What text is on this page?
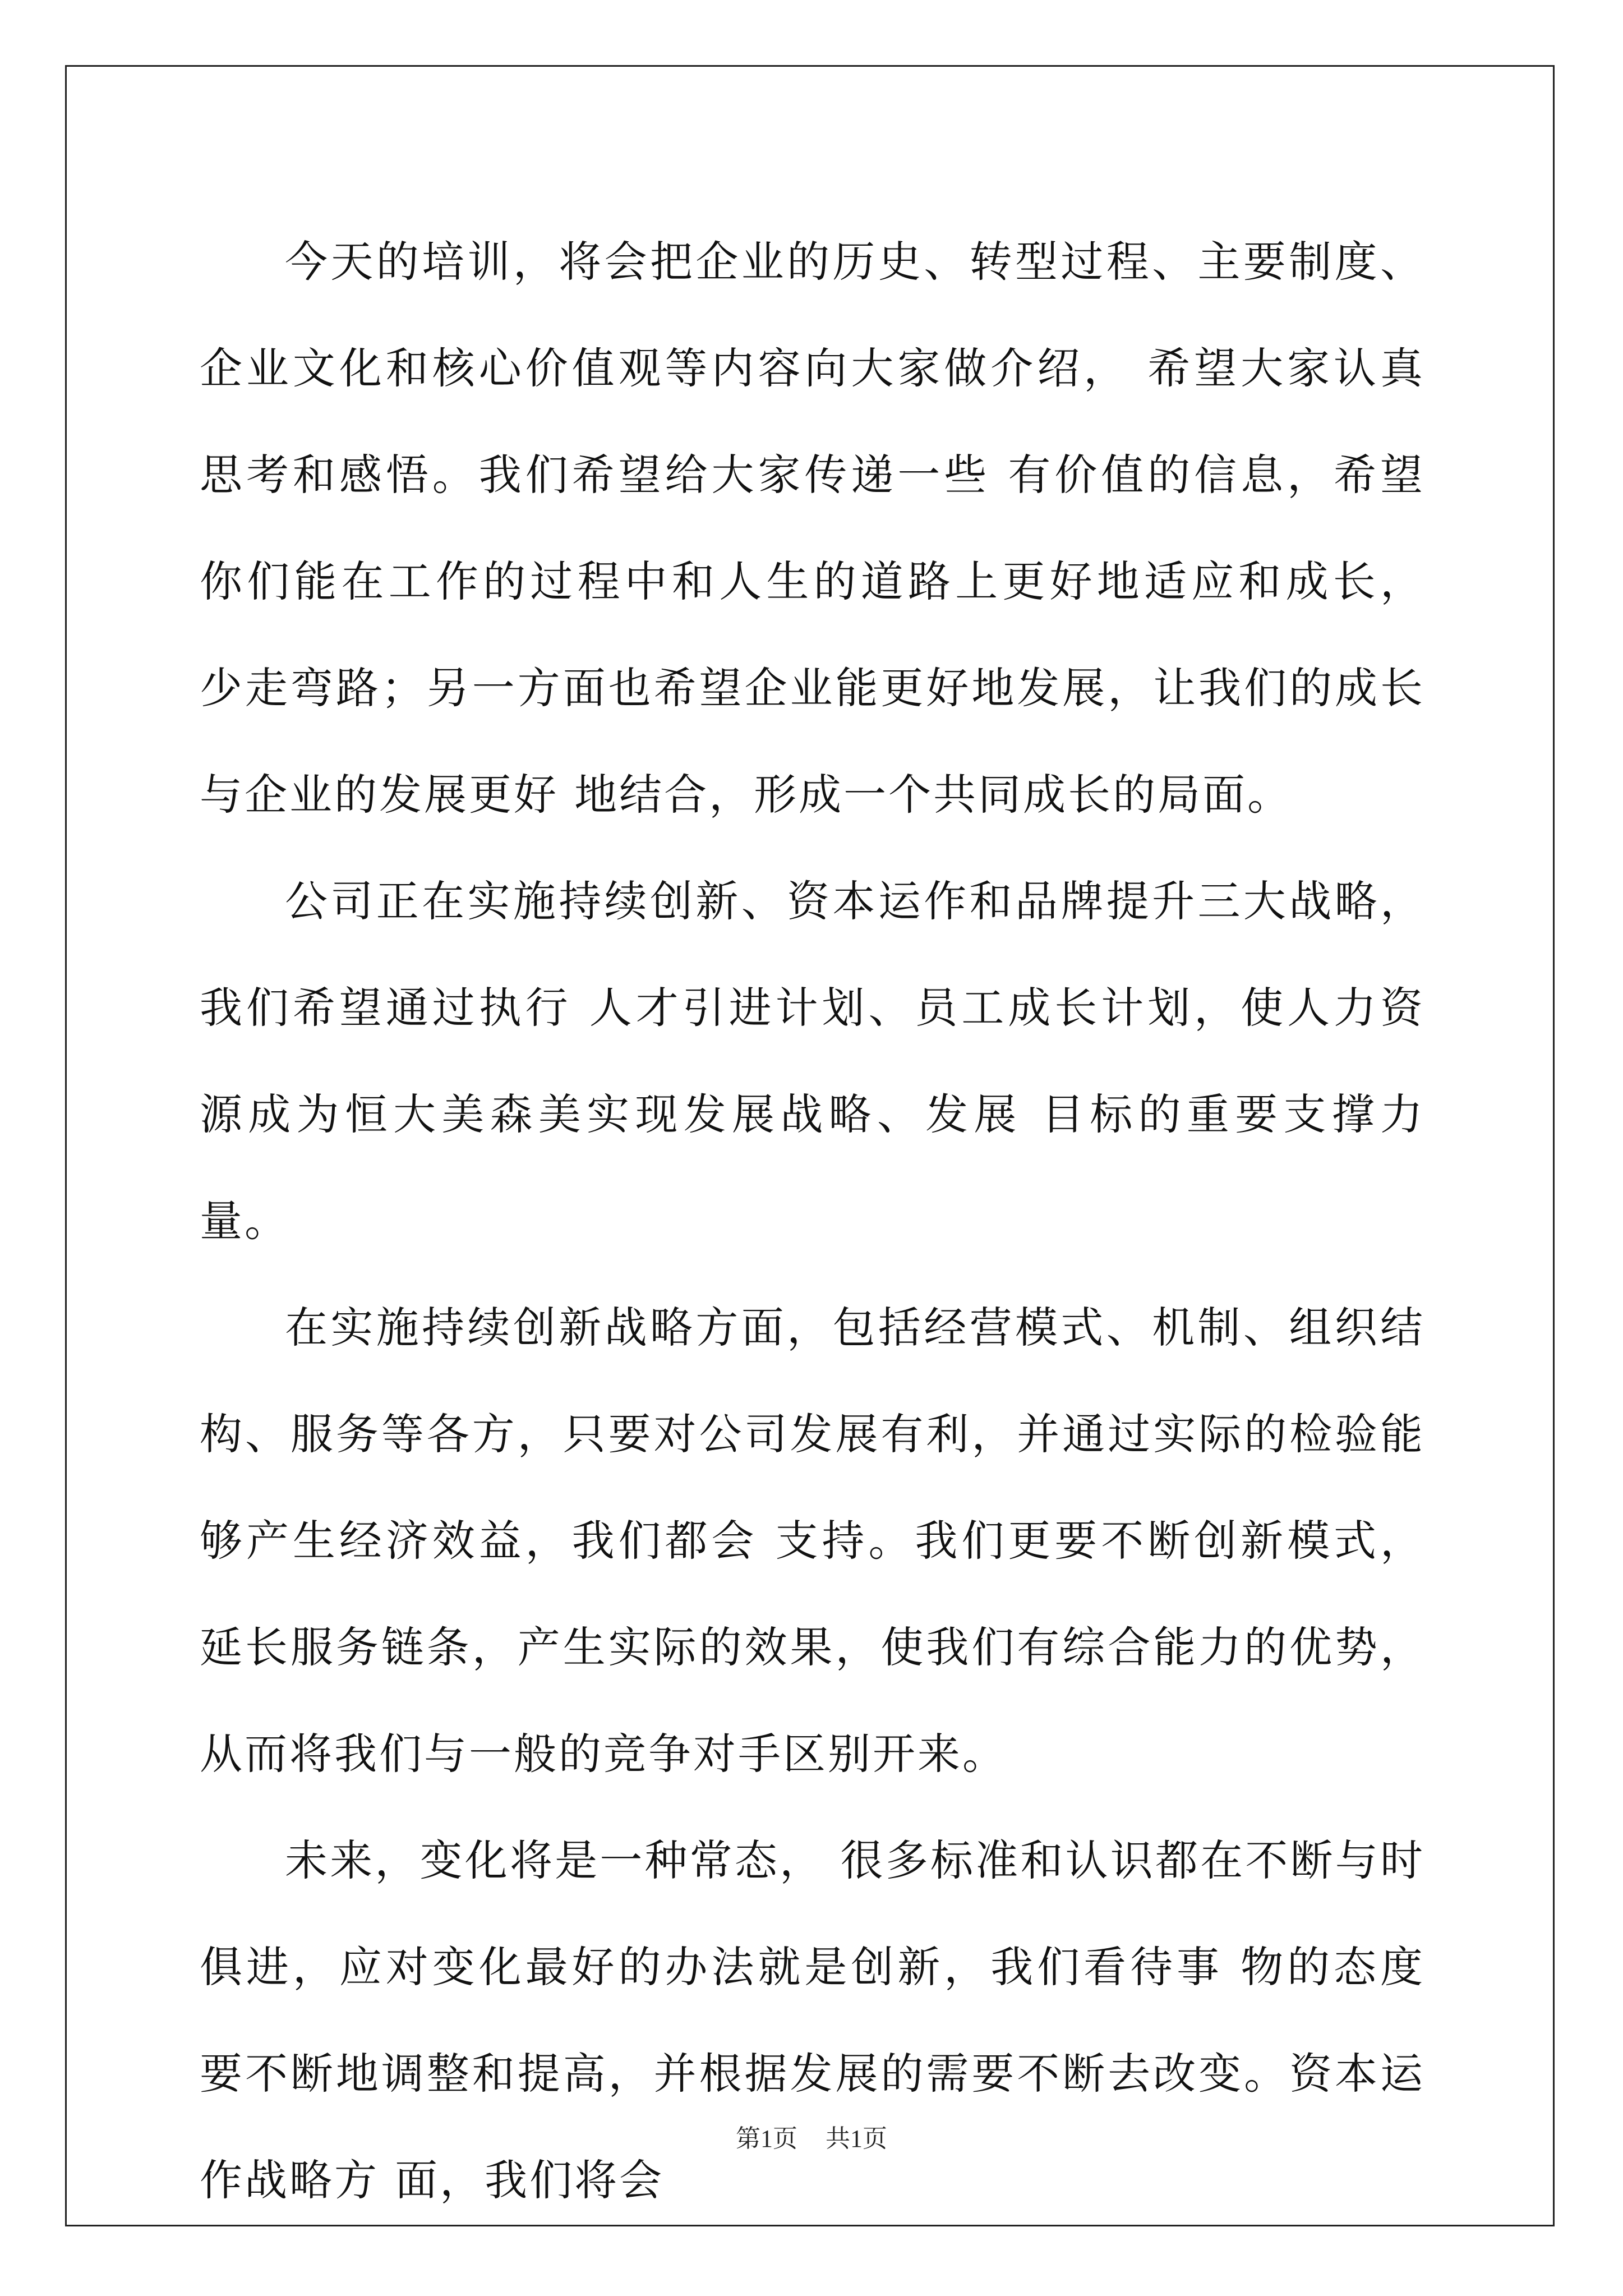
今天的培训，将会把企业的历史、转型过程、主要制度、企业文化和核心价值观等内容向大家做介绍， 希望大家认真思考和感悟。我们希望给大家传递一些 有价值的信息，希望你们能在工作的过程中和人生的道路上更好地适应和成长， 少走弯路；另一方面也希望企业能更好地发展，让我们的成长与企业的发展更好 地结合，形成一个共同成长的局面。

公司正在实施持续创新、资本运作和品牌提升三大战略，我们希望通过执行 人才引进计划、员工成长计划，使人力资源成为恒大美森美实现发展战略、发展 目标的重要支撑力量。

在实施持续创新战略方面，包括经营模式、机制、组织结构、服务等各方，只要对公司发展有利，并通过实际的检验能够产生经济效益，我们都会 支持。我们更要不断创新模式，延长服务链条，产生实际的效果，使我们有综合能力的优势， 从而将我们与一般的竞争对手区别开来。

未来，变化将是一种常态， 很多标准和认识都在不断与时俱进，应对变化最好的办法就是创新，我们看待事 物的态度要不断地调整和提高，并根据发展的需要不断去改变。资本运作战略方 面，我们将会

第1页 共1页
